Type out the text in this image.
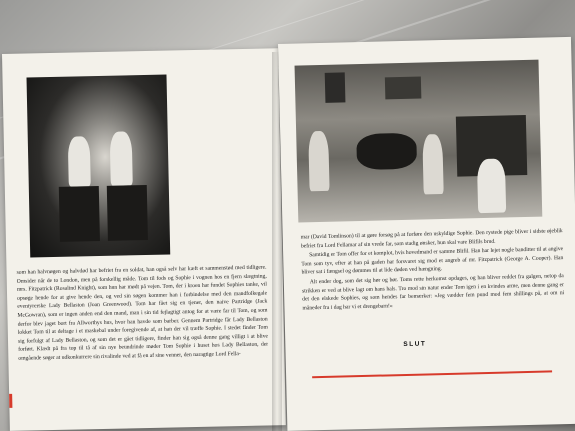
som han halvnøgen og halvdød har befriet fra en soldat, han også selv har kæft et sammenstød med tidligere. Omsider når de to London, men på forskellig måde. Tom til fods og Sophie i vognen hos en fjern slægtning, mrs. Fitzpatrick (Rosalind Knight), som hun har mødt på vejen. Tom, der i kroen har fundet Sophies tanke, vil opsøge hende for at give hende den, og ved sin søgen kommer han i forbindelse med den mandfolkegale eventyrerske Lady Bellaston (Joan Greenwood). Tom har fået sig en tjener, den naive Partridge (Jack McGowran), som er ingen anden end den mand, man i sin tid fejlagtigt antog for at være far til Tom, og som derfor blev jaget bort fra Allworthys hus, hvor han havde som barber. Gennem Partridge får Lady Bellaston lokket Tom til at deltage i et maskebal under foregivende af, at han der vil træffe Sophie. I stedet finder Tom sig forfulgt af Lady Bellaston, og som det er gået tidligere, finder han sig også denne gang villigt i at blive forført. Klædt på fra top til tå af sin nye beundrinde møder Tom Sophie i huset hos Lady Bellaston, der omgående søger at udkonkurrere sin rivalinde ved at få en af sine venner, den naragtige Lord Fella-

mar (David Tomlinson) til at gøre forsøg på at forføre den uskyldige Sophie. Den rystede pige bliver i sidste øjeblik befriet fra Lord Fellamar af sin vrede far, som stadig ønsker, hun skal vare Blifils brud.

Samtidig er Tom offer for et komplot, hvis hovedmand er samme Blifil. Han har lejet nogle banditter til at angive Tom som tyv, efter at han på gaden har forsvaret sig mod et angreb af mr. Fitzpatrick (George A. Cooper). Han bliver sat i fængsel og dømmes til at lide døden ved hængning.

Alt ender dog, som det sig hør og bør. Toms rette herkomst opdages, og han bliver reddet fra galgen, netop da strikken er ved at blive lagt om hans hals. Tro mod sin natur ender Tom igen i en kvindes arme, men denne gang er det den elskede Sophies, og som hendes far bemærker: »Jeg vædder fem pund mod fem shillings på, at om ni måneder fra i dag har vi et drengebarn!«

SLUT
